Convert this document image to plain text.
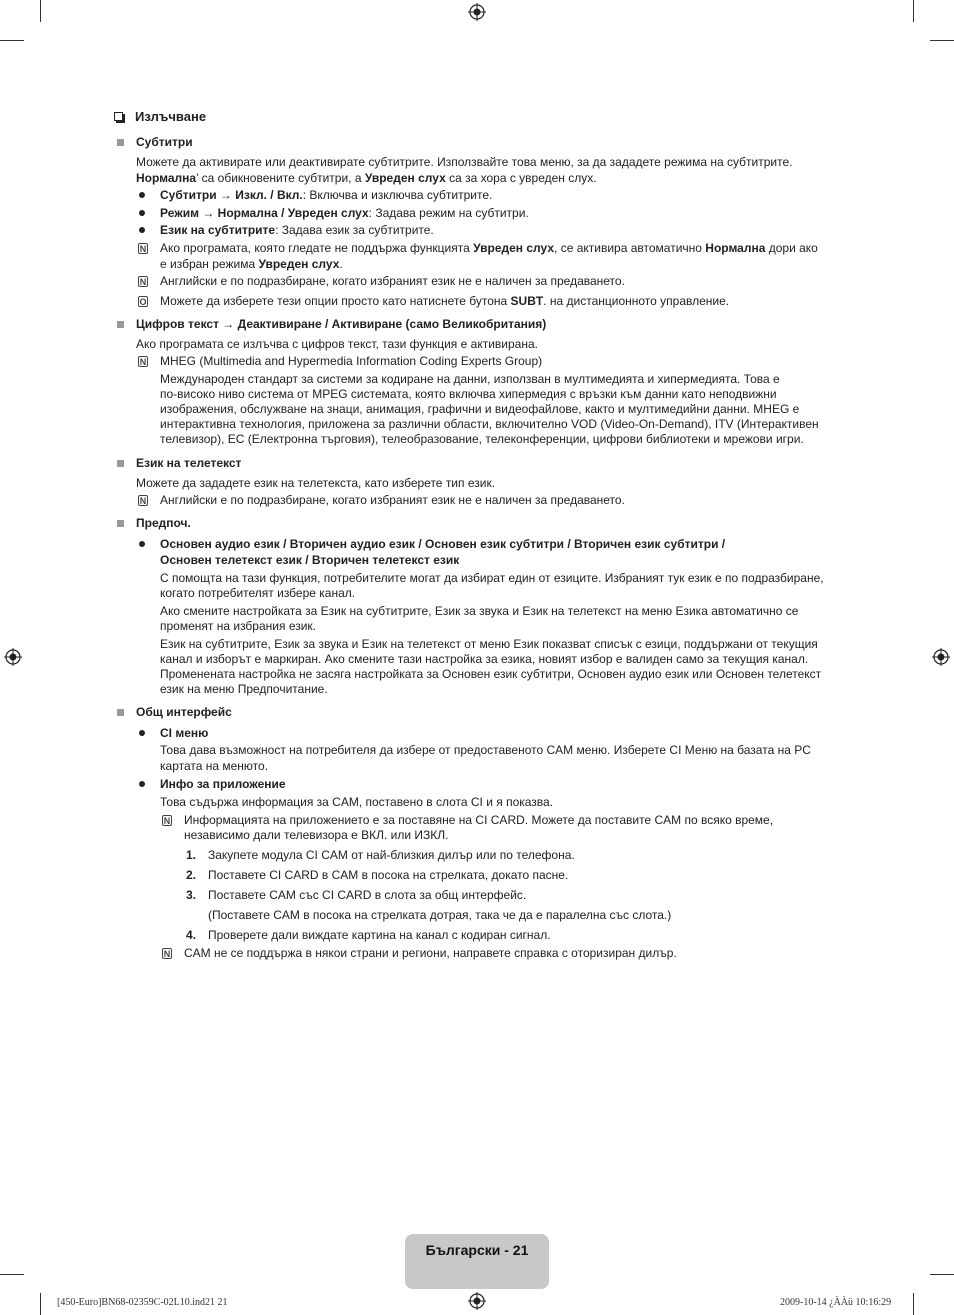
Излъчване
Субтитри
Можете да активирате или деактивирате субтитрите. Използвайте това меню, за да зададете режима на субтитрите.
Нормална’ са обикновените субтитри, а Увреден слух са за хора с увреден слух.
Субтитри → Изкл. / Вкл.: Включва и изключва субтитрите.
Режим → Нормална / Увреден слух: Задава режим на субтитри.
Език на субтитрите: Задава език за субтитрите.
N Ако програмата, която гледате не поддържа функцията Увреден слух, се активира автоматично Нормална дори ако
е избран режима Увреден слух.
N Английски е по подразбиране, когато избраният език не е наличен за предаването.
O Можете да изберете тези опции просто като натиснете бутона SUBT. на дистанционното управление.
Цифров текст → Деактивиране / Активиране (само Великобритания)
Ако програмата се излъчва с цифров текст, тази функция е активирана.
N MHEG (Multimedia and Hypermedia Information Coding Experts Group)
Международен стандарт за системи за кодиране на данни, използван в мултимедията и хипермедията. Това е
по-високо ниво система от MPEG системата, която включва хипермедия с връзки към данни като неподвижни
изображения, обслужване на знаци, анимация, графични и видеофайлове, както и мултимедийни данни. MHEG е
интерактивна технология, приложена за различни области, включително VOD (Video-On-Demand), ITV (Интерактивен
телевизор), EC (Електронна търговия), телеобразование, телеконференции, цифрови библиотеки и мрежови игри.
Език на телетекст
Можете да зададете език на телетекста, като изберете тип език.
N Английски е по подразбиране, когато избраният език не е наличен за предаването.
Предпоч.
Основен аудио език / Вторичен аудио език / Основен език субтитри / Вторичен език субтитри /
Основен телетекст език / Вторичен телетекст език
С помощта на тази функция, потребителите могат да избират един от езиците. Избраният тук език е по подразбиране,
когато потребителят избере канал.
Ако смените настройката за Език на субтитрите, Език за звука и Език на телетекст на меню Езика автоматично се
променят на избрания език.
Език на субтитрите, Език за звука и Език на телетекст от меню Език показват списък с езици, поддържани от текущия
канал и изборът е маркиран. Ако смените тази настройка за езика, новият избор е валиден само за текущия канал.
Променената настройка не засяга настройката за Основен език субтитри, Основен аудио език или Основен телетекст
език на меню Предпочитание.
Общ интерфейс
CI меню
Това дава възможност на потребителя да избере от предоставеното CAM меню. Изберете CI Меню на базата на PC
картата на менюто.
Инфо за приложение
Това съдържа информация за CAM, поставено в слота CI и я показва.
N Информацията на приложението е за поставяне на CI CARD. Можете да поставите CAM по всяко време,
независимо дали телевизора е ВКЛ. или ИЗКЛ.
1. Закупете модула CI CAM от най-близкия дилър или по телефона.
2. Поставете CI CARD в CAM в посока на стрелката, докато пасне.
3. Поставете CAM със CI CARD в слота за общ интерфейс.
(Поставете CAM в посока на стрелката дотрая, така че да е паралелна със слота.)
4. Проверете дали виждате картина на канал с кодиран сигнал.
N CAM не се поддържа в някои страни и региони, направете справка с оторизиран дилър.
Български - 21
[450-Euro]BN68-02359C-02L10.ind21 21	2009-10-14 ¿ÀÀü 10:16:29
